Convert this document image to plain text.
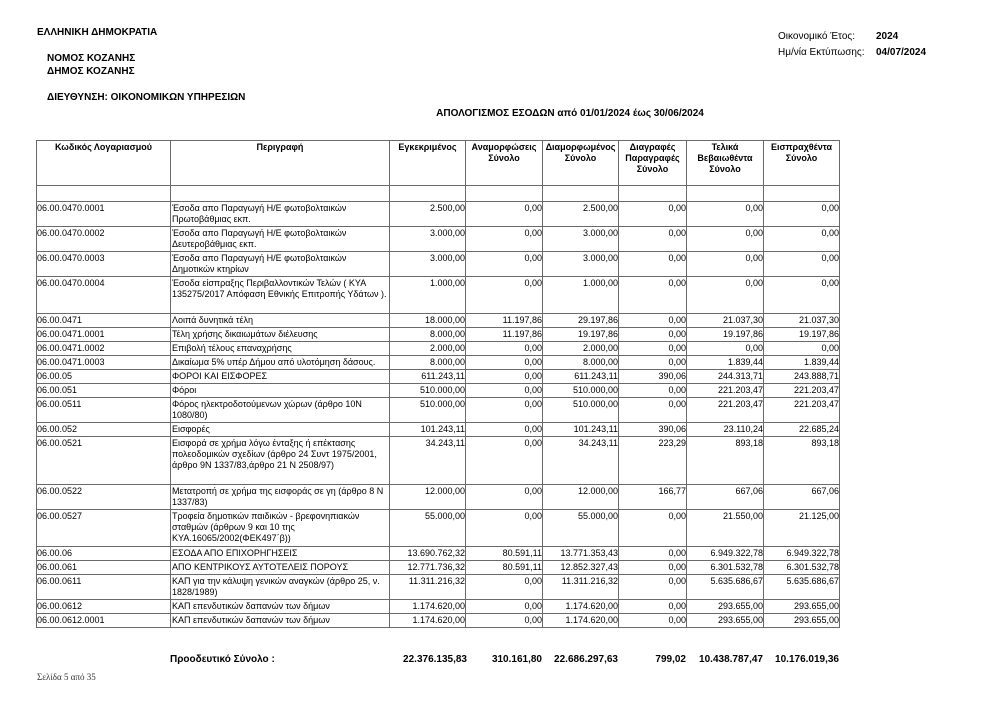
ΕΛΛΗΝΙΚΗ ΔΗΜΟΚΡΑΤΙΑ
ΝΟΜΟΣ ΚΟΖΑΝΗΣ
ΔΗΜΟΣ ΚΟΖΑΝΗΣ
ΔΙΕΥΘΥΝΣΗ: ΟΙΚΟΝΟΜΙΚΩΝ ΥΠΗΡΕΣΙΩΝ
Οικονομικό Έτος: 2024
Ημ/νία Εκτύπωσης: 04/07/2024
ΑΠΟΛΟΓΙΣΜΟΣ ΕΣΟΔΩΝ από 01/01/2024 έως 30/06/2024
Κωδικός Λογαριασμού	Περιγραφή	Εγκεκριμένος	Αναμορφώσεις Σύνολο	Διαμορφωμένος Σύνολο	Διαγραφές Παραγραφές Σύνολο	Τελικά Βεβαιωθέντα Σύνολο	Εισπραχθέντα Σύνολο

06.00.0470.0001	Έσοδα απο Παραγωγή Η/Ε φωτοβολταικών Πρωτοβάθμιας εκπ.	2.500,00	0,00	2.500,00	0,00	0,00	0,00
06.00.0470.0002	Έσοδα απο Παραγωγή Η/Ε φωτοβολταικών Δευτεροβάθμιας εκπ.	3.000,00	0,00	3.000,00	0,00	0,00	0,00
06.00.0470.0003	Έσοδα απο Παραγωγή Η/Ε φωτοβολταικών Δημοτικών κτηρίων	3.000,00	0,00	3.000,00	0,00	0,00	0,00
06.00.0470.0004	Έσοδα είσπραξης Περιβαλλοντικών Τελών ( ΚΥΑ 135275/2017 Απόφαση Εθνικής Επιτροπής Υδάτων ).	1.000,00	0,00	1.000,00	0,00	0,00	0,00
06.00.0471	Λοιπά δυνητικά τέλη	18.000,00	11.197,86	29.197,86	0,00	21.037,30	21.037,30
06.00.0471.0001	Τέλη χρήσης δικαιωμάτων διέλευσης	8.000,00	11.197,86	19.197,86	0,00	19.197,86	19.197,86
06.00.0471.0002	Επιβολή τέλους επαναχρήσης	2.000,00	0,00	2.000,00	0,00	0,00	0,00
06.00.0471.0003	Δικαίωμα 5% υπέρ Δήμου από υλοτόμηση δάσους.	8.000,00	0,00	8.000,00	0,00	1.839,44	1.839,44
06.00.05	ΦΟΡΟΙ ΚΑΙ ΕΙΣΦΟΡΕΣ	611.243,11	0,00	611.243,11	390,06	244.313,71	243.888,71
06.00.051	Φόροι	510.000,00	0,00	510.000,00	0,00	221.203,47	221.203,47
06.00.0511	Φόρος ηλεκτροδοτούμενων χώρων (άρθρο 10Ν 1080/80)	510.000,00	0,00	510.000,00	0,00	221.203,47	221.203,47
06.00.052	Εισφορές	101.243,11	0,00	101.243,11	390,06	23.110,24	22.685,24
06.00.0521	Εισφορά σε χρήμα λόγω ένταξης ή επέκτασης πολεοδομικών σχεδίων (άρθρο 24 Συντ 1975/2001, άρθρο 9Ν 1337/83,άρθρο 21 Ν 2508/97)	34.243,11	0,00	34.243,11	223,29	893,18	893,18
06.00.0522	Μετατροπή σε χρήμα της εισφοράς σε γη (άρθρο 8 Ν 1337/83)	12.000,00	0,00	12.000,00	166,77	667,06	667,06
06.00.0527	Τροφεία δημοτικών παιδικών - βρεφονηπιακών σταθμών (άρθρων 9 και 10 της ΚΥΑ.16065/2002(ΦΕΚ497΄β))	55.000,00	0,00	55.000,00	0,00	21.550,00	21.125,00
06.00.06	ΕΣΟΔΑ ΑΠΟ ΕΠΙΧΟΡΗΓΗΣΕΙΣ	13.690.762,32	80.591,11	13.771.353,43	0,00	6.949.322,78	6.949.322,78
06.00.061	ΑΠΟ ΚΕΝΤΡΙΚΟΥΣ ΑΥΤΟΤΕΛΕΙΣ ΠΟΡΟΥΣ	12.771.736,32	80.591,11	12.852.327,43	0,00	6.301.532,78	6.301.532,78
06.00.0611	ΚΑΠ για την κάλυψη γενικών αναγκών (άρθρο 25, ν. 1828/1989)	11.311.216,32	0,00	11.311.216,32	0,00	5.635.686,67	5.635.686,67
06.00.0612	ΚΑΠ επενδυτικών δαπανών των δήμων	1.174.620,00	0,00	1.174.620,00	0,00	293.655,00	293.655,00
06.00.0612.0001	ΚΑΠ επενδυτικών δαπανών των δήμων	1.174.620,00	0,00	1.174.620,00	0,00	293.655,00	293.655,00
Προοδευτικό Σύνολο :	22.376.135,83 310.161,80 22.686.297,63	799,02 10.438.787,47 10.176.019,36
Σελίδα 5 από 35
